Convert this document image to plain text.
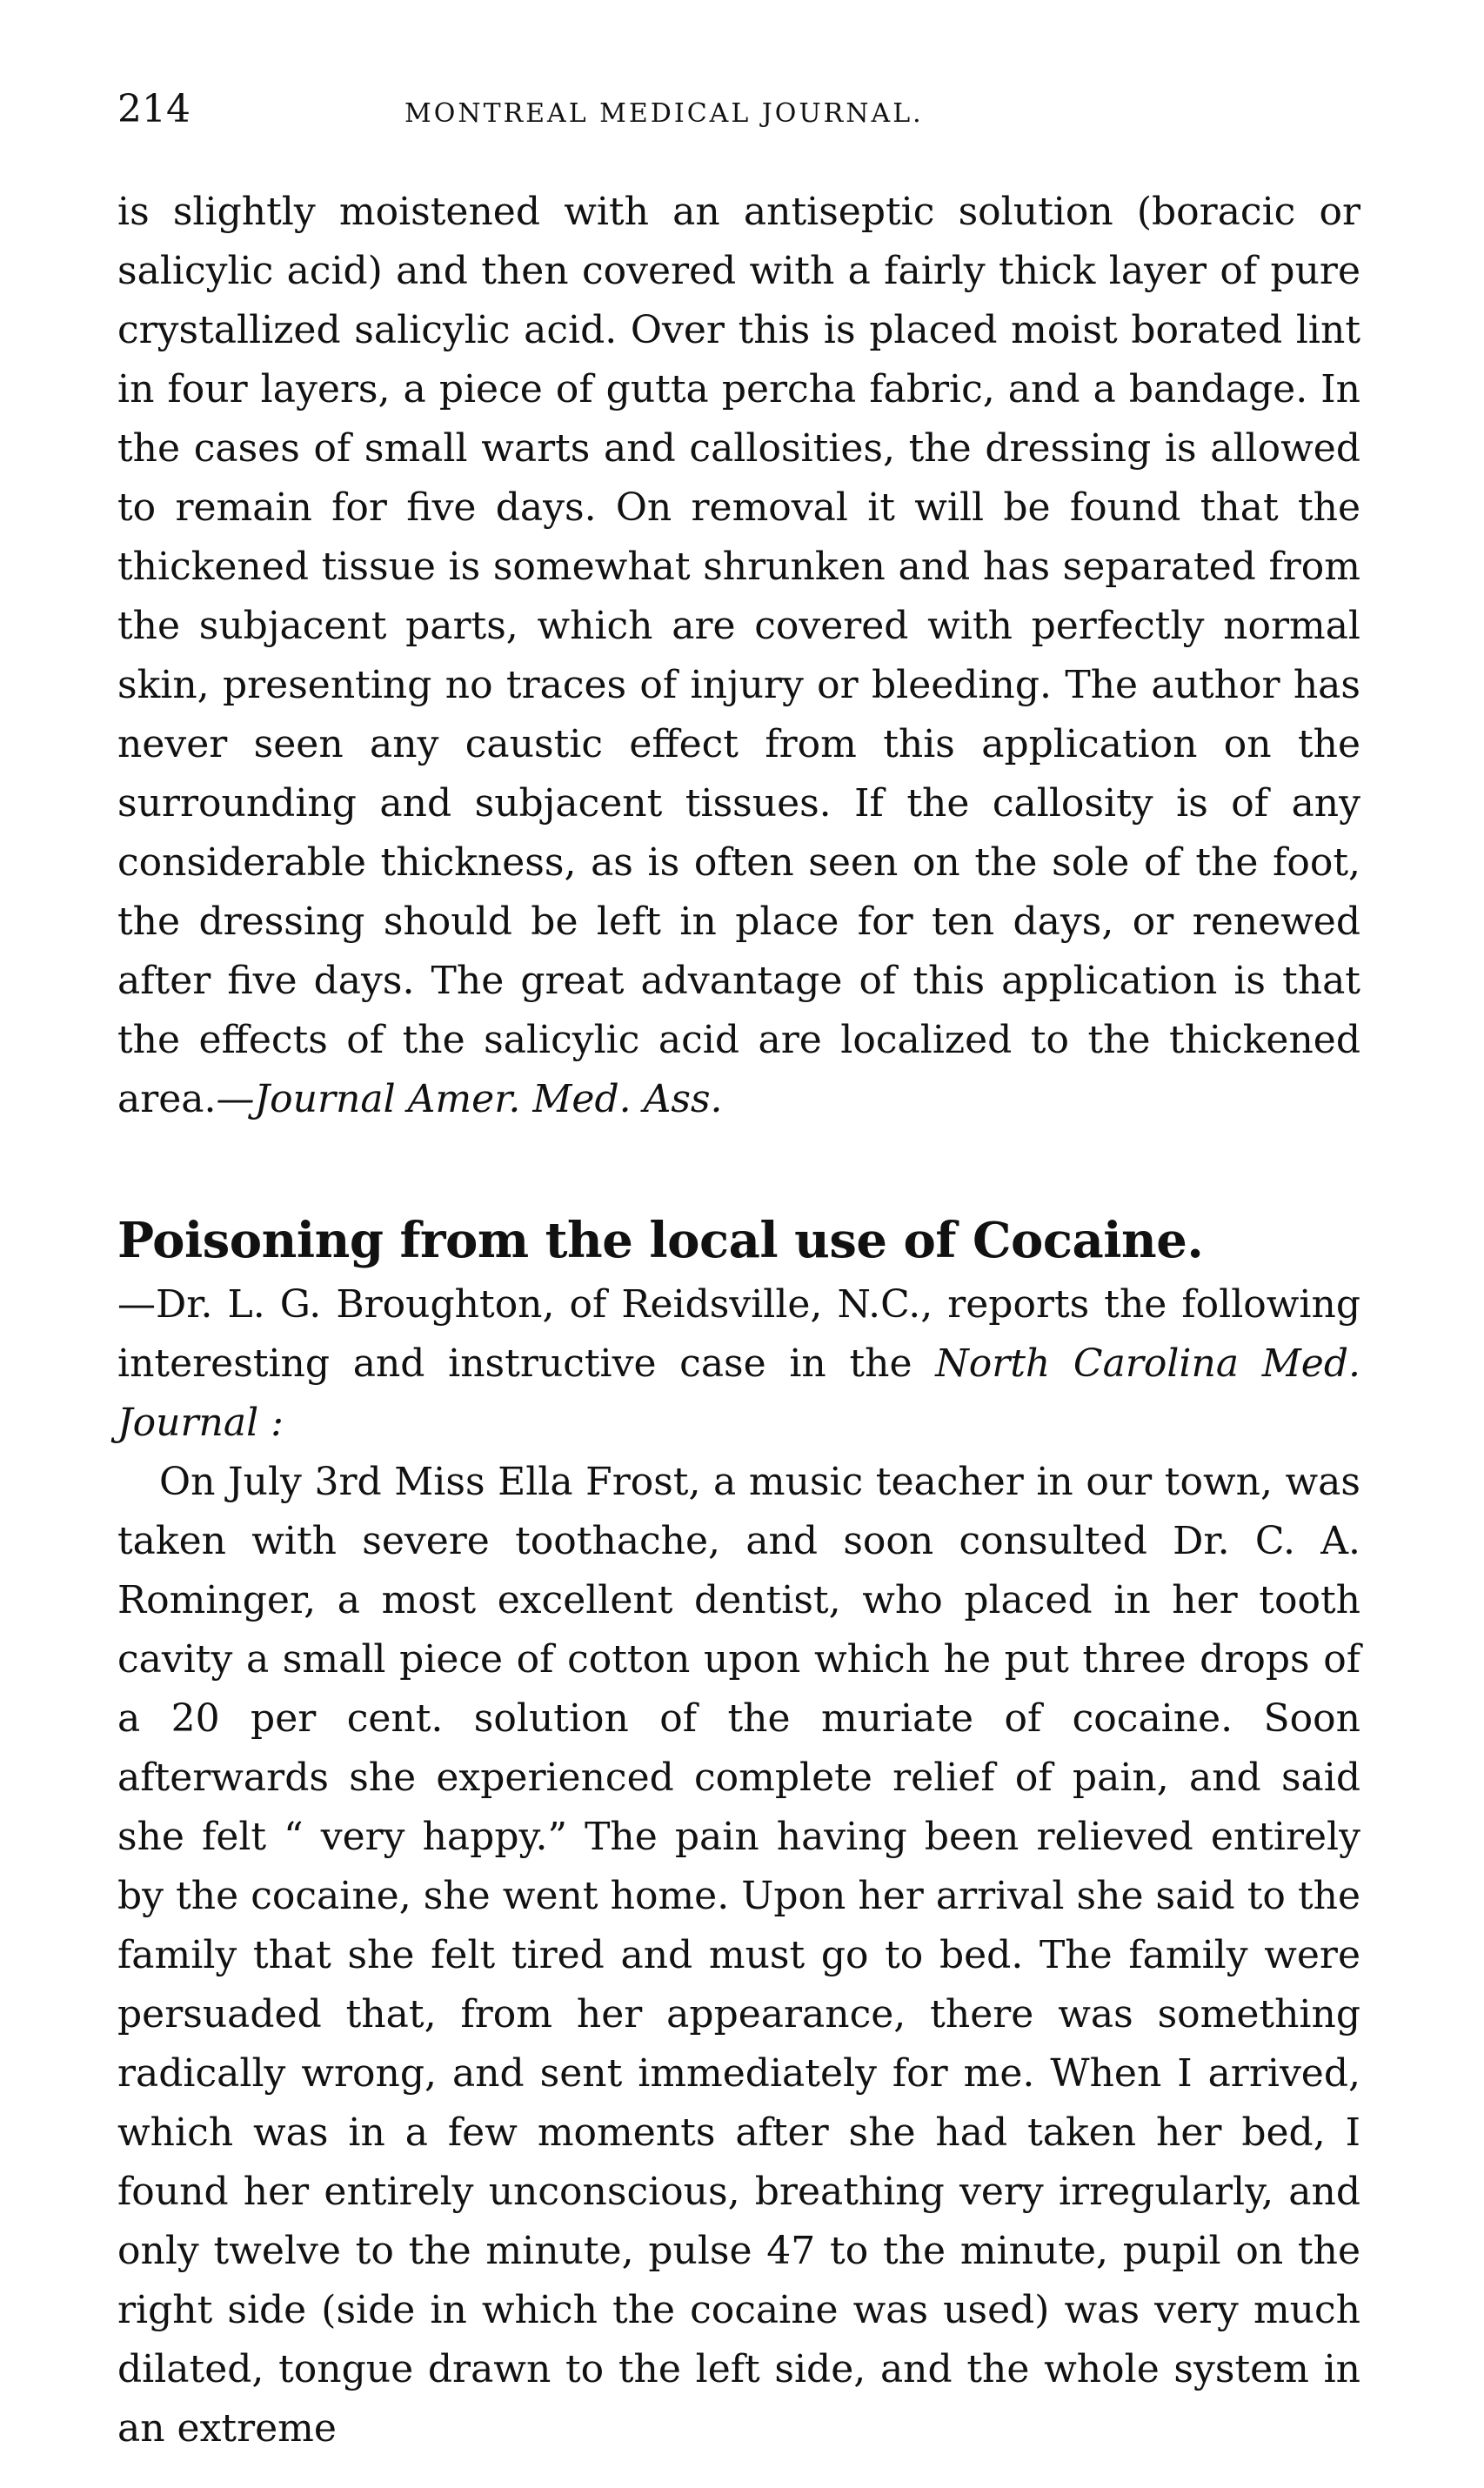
214	MONTREAL MEDICAL JOURNAL.

is slightly moistened with an antiseptic solution (boracic or salicylic acid) and then covered with a fairly thick layer of pure crystallized salicylic acid. Over this is placed moist borated lint in four layers, a piece of gutta percha fabric, and a bandage. In the cases of small warts and callosities, the dressing is allowed to remain for five days. On removal it will be found that the thickened tissue is somewhat shrunken and has separated from the subjacent parts, which are covered with perfectly normal skin, presenting no traces of injury or bleeding. The author has never seen any caustic effect from this application on the surrounding and subjacent tissues. If the callosity is of any considerable thickness, as is often seen on the sole of the foot, the dressing should be left in place for ten days, or renewed after five days. The great advantage of this application is that the effects of the salicylic acid are localized to the thickened area.—Journal Amer. Med. Ass.

Poisoning from the local use of Cocaine.

—Dr. L. G. Broughton, of Reidsville, N.C., reports the following interesting and instructive case in the North Carolina Med. Journal :

On July 3rd Miss Ella Frost, a music teacher in our town, was taken with severe toothache, and soon consulted Dr. C. A. Rominger, a most excellent dentist, who placed in her tooth cavity a small piece of cotton upon which he put three drops of a 20 per cent. solution of the muriate of cocaine. Soon afterwards she experienced complete relief of pain, and said she felt “ very happy.” The pain having been relieved entirely by the cocaine, she went home. Upon her arrival she said to the family that she felt tired and must go to bed. The family were persuaded that, from her appearance, there was something radically wrong, and sent immediately for me. When I arrived, which was in a few moments after she had taken her bed, I found her entirely unconscious, breathing very irregularly, and only twelve to the minute, pulse 47 to the minute, pupil on the right side (side in which the cocaine was used) was very much dilated, tongue drawn to the left side, and the whole system in an extreme
